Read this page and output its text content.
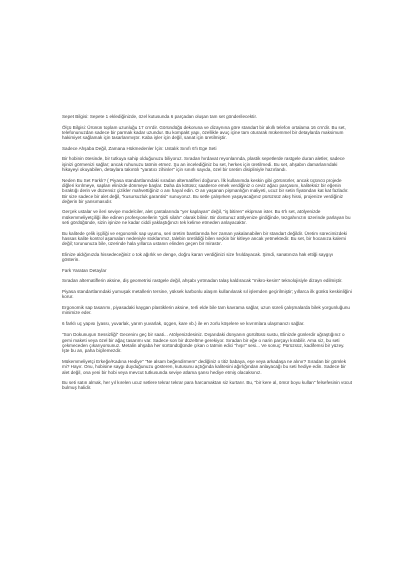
Sepet Bilgisi: Sepete 1 eklediğinizde, özel kutusunda 6 parçadan oluşan tam set gönderilecektir.

Ölçü Bilgisi: Ürünün toplam uzunluğu 17 cm'dir. Göründüğü dekoruna ve dizaynına göre standart bir akıllı telefon ortalama 16 cm'dir. Bu set, telefonunuzdan sadece bir parmak kadar uzundur. Bu kompakt yapı, özellikle avuç içine tam oturarak mükemmel bir detaylarda maksimum hakimiyet sağlamak için tasarlanmıştır. Kaba işler için değil, sanat için üretilmiştir.

Sadece Ahşaba Değil, Zamana Hükmedenler İçin: Ustalık Sınıfı 6'lı Ege Seti

Bir hobinin ötesinde, bir tutkuya sahip olduğunuzu biliyoruz. Sıradan hırdavat reyonlarında, plastik sepetlerde rastgele duran aletler, sadece işinizi görmenizi sağlar; ancak ruhunuzu tatmin etmez. Şu an incelediğiniz bu set, herkes için üretilmedi. Bu set, ahşabın damarlarındaki hikayeyi okuyabilen, detaylara takıntılı "yaratıcı zihinler" için sınırlı sayıda, özel bir üretim disipliniyle hazırlandı.

Neden Bu Set Farklı? ( Piyasa standartlarındaki sıradan alternatifleri doğurun. İlk kullanımda keskin gibi görünürler, ancak üçüncü projede diğleri kırılmeye, sapları elinizde dönmeye başlar. Daha da kötüsü; saatlerce emek verdiğiniz o ceviz ağacı parçasını, kaliteksiz bir eğenin bıraktığı derin ve düzensiz çizikler mahvettiğiniz o anı hayal edin. O an yaşanan pişmanlığın maliyeti, ucuz bir setin fiyatından kat kat fazladır. Bir size sadece bir alet değil, "kusursuzluk garantisi" sunuyoruz. Bu setle çalışırken yaşayacağınız pürüzsüz akış hissi, projenize verdiğiniz değerin bir yansımasıdır.

Gerçek ustalar ve ileri seviye modelciler, alet çantalarında "yer kaplayan" değil, "iş bitiren" ekipman ister. Bu 6'lı set, atölyenizde mükemmeliyetçiliği ilke edinen profesyonellerin "gizli silahı" olarak bilinir. Bir dostunuz atölyenize girdiğinde, tezgahınızın üzerinde parlayan bu seti gördüğünde, sizin işinize ne kadar ciddi yaklaştığınızı tek kelime etmeden anlayacaktır.

Bu kalitede çelik işçiliği ve ergonomik sap uyumu, seri üretim bantlarında her zaman yakalanabilen bir standart değildir. Üretim sürecimizdeki hassas kalite kontrol aşamaları nedeniyle stoklarımız, talebin üretildiği bilen seçkin bir kitleye ancak yetmektedir. Bu set, bir hocanıza kalemi değil; torununuza bile, üzerinde hala yıllarca ustanın elinden geçen bir mirastır.

Elinize aldığınızda hissedeceğiniz o tok ağırlık ve denge, doğru kararı verdiğinizi size fısıldayacak. Şimdi, sanatınıza hak ettiği saygıyı gösterin.

Fark Yaratan Detaylar

Sıradan alternatiflerin aksine, diş geometrisi rastgele değil, ahşabı yırtmadan talaş kaldıracak "mikro-kesim" teknolojisiyle dizayn edilmiştir.

Piyasa standartlarındaki yumuşak metallerin tersine, yüksek karbonlu alaşım kullanılarak sıl işlemden geçirilmiştir; yıllarca ilk günkü keskinliğini korur.

Ergonomik sap tasarımı, piyasadaki kaygan plastiklerin aksine, terli elde bile tam kavrama sağlar, uzun süreli çalışmalarda bilek yorgunluğunu minimize eder.

6 farklı uç yapısı (yassı, yuvarlak, yarım yuvarlak, üçgen, kare vb.) ile en zorlu köşelere ve kıvrımlara ulaşmanızı sağlar.

"Son Dokunuşun Sessizliği" Geceninı geç bir saati... Atölyenizdesiniz. Dışarıdaki dünyanın gürültüsü sustu, Elinizde günlerdir uğraştığınız o gemi maketi veya özel bir ağaç tasarımı var. Sadece son bir düzeltme gerekiyor. Sıradan bir eğe o narin parçayı kırabilir. Ama siz, bu seti çekmeceden çıkarıyorsunuz. Metalin ahşaba her sürtündüğünde çıkan o tatmin edici "hışır" sesi... Ve sonuç: Pürüzsüz, kadifemsi bir yüzey. İşte bu an, paha biçilemezdir.

Mükemmeliyetçi Erkeğe/Kadına Hediye" "Ne alsam beğendirmem" dediğiniz o titiz babaya, eşe veya arkadaşa ne alınır? Sıradan bir gömlek mi? Hayır. Onu, hobisine saygı duyduğunuzu gösteren, kutusunu açtığında kalitesini ağırlığından anlayacağı bu seti hediye edin. Sadece bir alet değil, ona yeni bir hobi veya mevcut tutkusunda seviye atlama şansı hediye etmiş olacaksınız.

Bu seti satın almak, her yıl kırelen ucuz setlere tekrar tekrar para harcamaktan siz kurtarır. Bu, "bir kere al, ömür boyu kullan" felsefesinin vücut bulmuş halidir.
